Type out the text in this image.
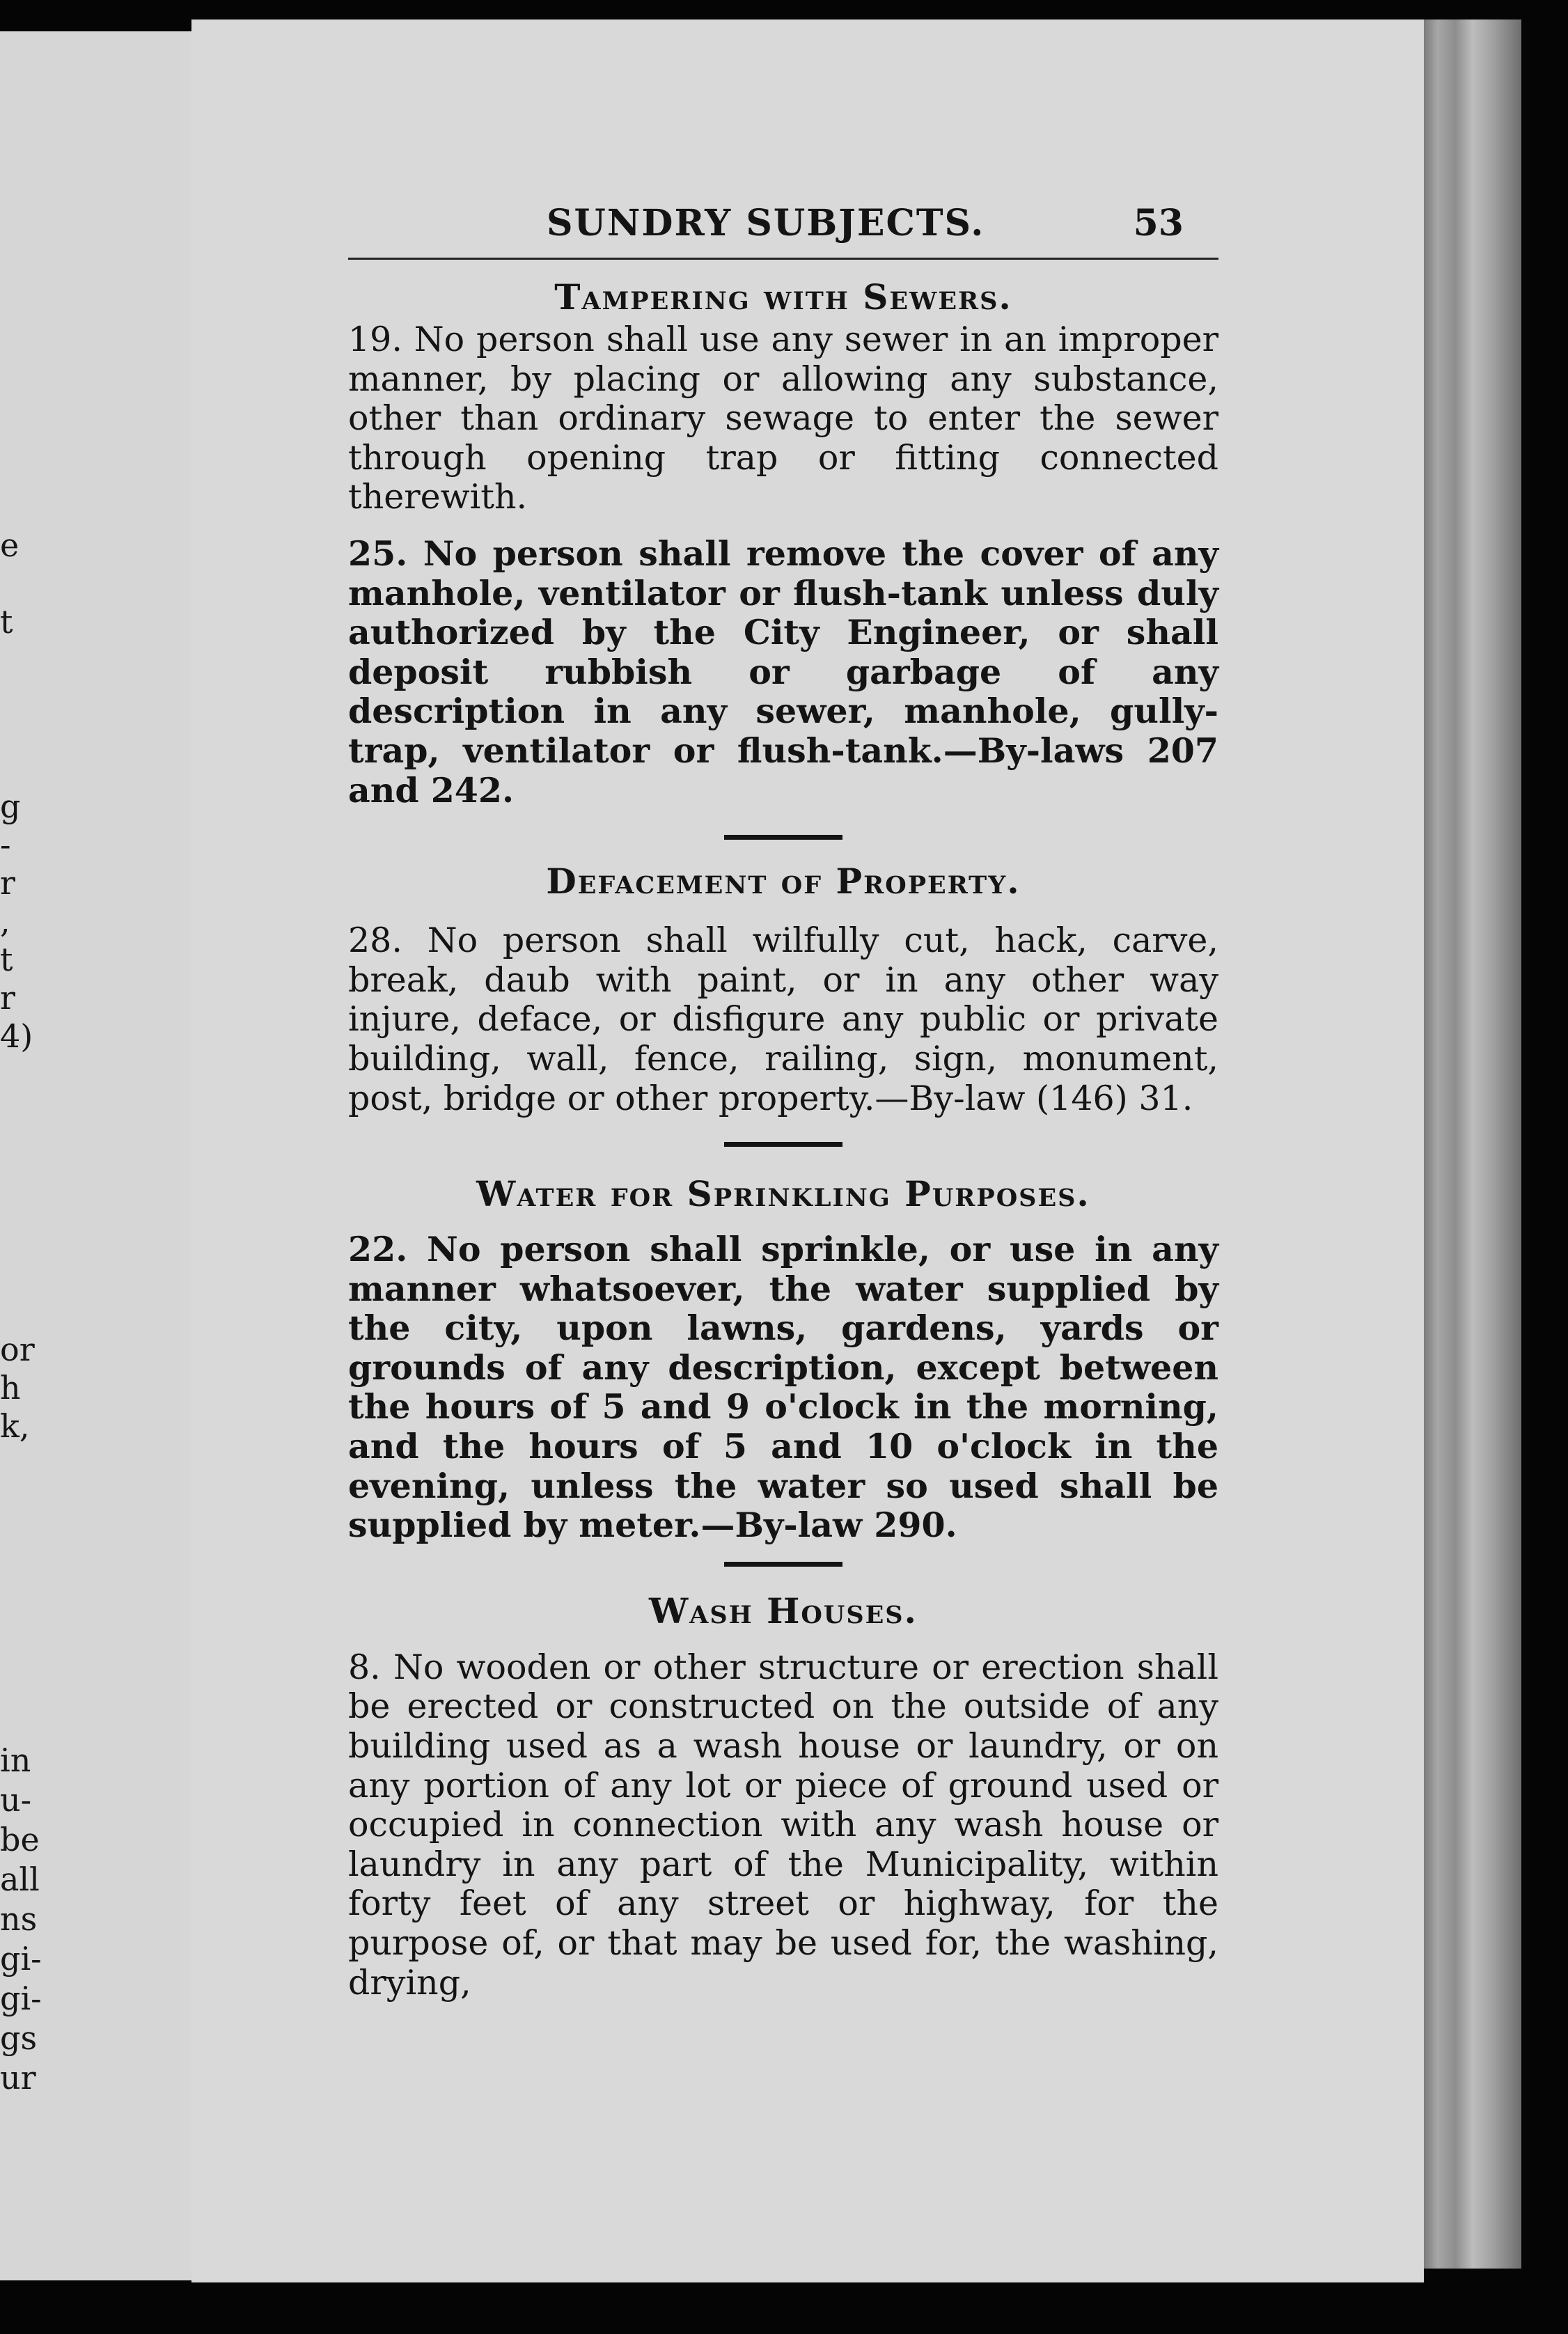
e
t
g
-
r
,
t
r
4)
or
h
k,
in
u-
be
all
ns
gi-
gi-
gs
ur
SUNDRY SUBJECTS.	53
Tampering with Sewers.

19. No person shall use any sewer in an improper manner, by placing or allowing any substance, other than ordinary sewage to enter the sewer through opening trap or fitting connected therewith.

25. No person shall remove the cover of any manhole, ventilator or flush-tank unless duly authorized by the City Engineer, or shall deposit rubbish or garbage of any description in any sewer, manhole, gully-trap, ventilator or flush-tank.—By-laws 207 and 242.

Defacement of Property.

28. No person shall wilfully cut, hack, carve, break, daub with paint, or in any other way injure, deface, or disfigure any public or private building, wall, fence, railing, sign, monument, post, bridge or other property.—By-law (146) 31.

Water for Sprinkling Purposes.

22. No person shall sprinkle, or use in any manner whatsoever, the water supplied by the city, upon lawns, gardens, yards or grounds of any description, except between the hours of 5 and 9 o'clock in the morning, and the hours of 5 and 10 o'clock in the evening, unless the water so used shall be supplied by meter.—By-law 290.

Wash Houses.

8. No wooden or other structure or erection shall be erected or constructed on the outside of any building used as a wash house or laundry, or on any portion of any lot or piece of ground used or occupied in connection with any wash house or laundry in any part of the Municipality, within forty feet of any street or highway, for the purpose of, or that may be used for, the washing, drying,
